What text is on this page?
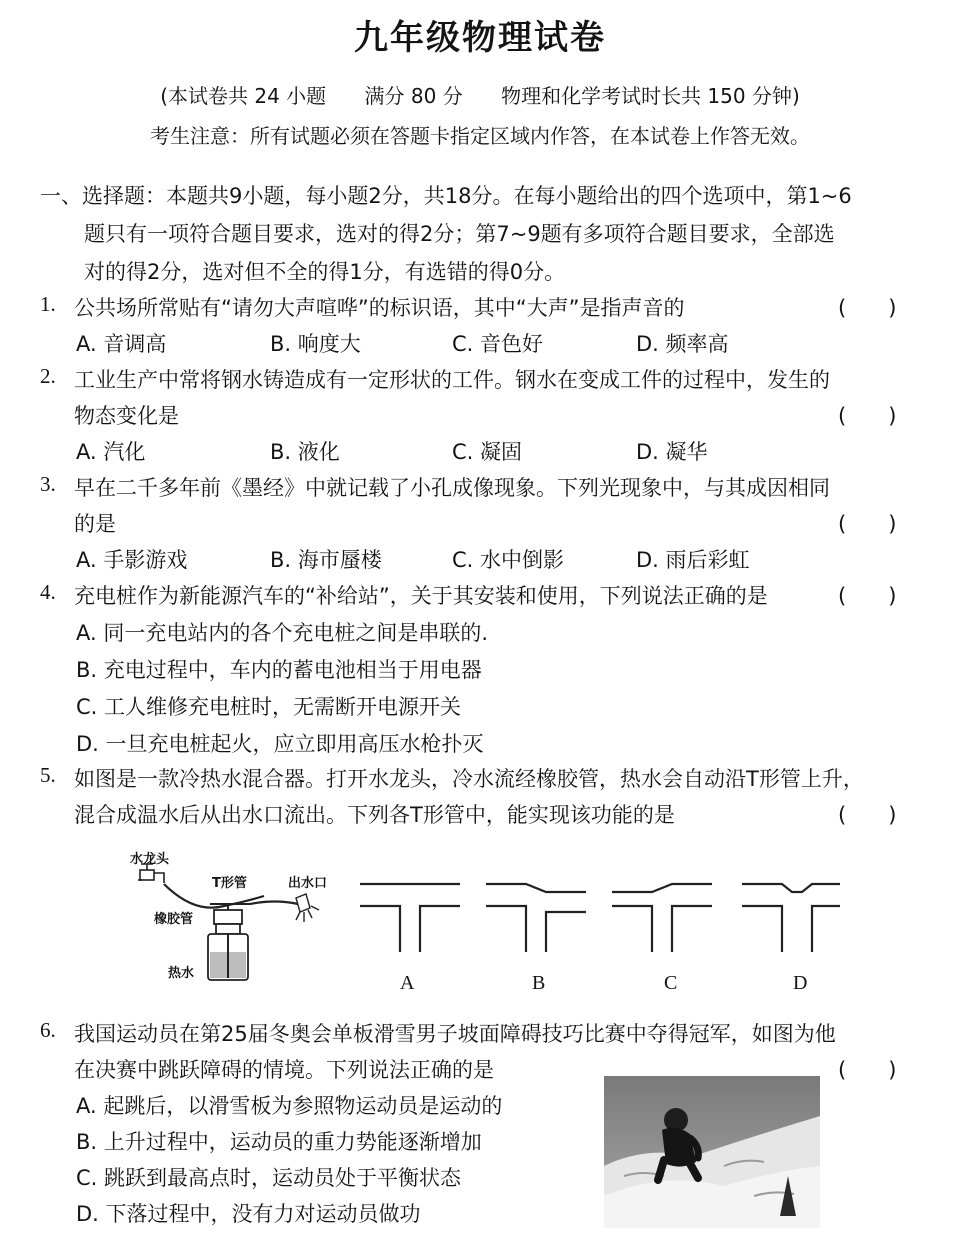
九年级物理试卷
(本试卷共 24 小题 满分 80 分 物理和化学考试时长共 150 分钟)
考生注意：所有试题必须在答题卡指定区域内作答，在本试卷上作答无效。
一、选择题：本题共9小题，每小题2分，共18分。在每小题给出的四个选项中，第1~6
题只有一项符合题目要求，选对的得2分；第7~9题有多项符合题目要求，全部选
对的得2分，选对但不全的得1分，有选错的得0分。
1. 公共场所常贴有“请勿大声喧哗”的标识语，其中“大声”是指声音的	(　　)
A. 音调高	B. 响度大	C. 音色好	D. 频率高
2. 工业生产中常将钢水铸造成有一定形状的工件。钢水在变成工件的过程中，发生的
物态变化是	(　　)
A. 汽化	B. 液化	C. 凝固	D. 凝华
3. 早在二千多年前《墨经》中就记载了小孔成像现象。下列光现象中，与其成因相同
的是	(　　)
A. 手影游戏	B. 海市蜃楼	C. 水中倒影	D. 雨后彩虹
4. 充电桩作为新能源汽车的“补给站”，关于其安装和使用，下列说法正确的是	(　　)
A. 同一充电站内的各个充电桩之间是串联的.
B. 充电过程中，车内的蓄电池相当于用电器
C. 工人维修充电桩时，无需断开电源开关
D. 一旦充电桩起火，应立即用高压水枪扑灭
5. 如图是一款冷热水混合器。打开水龙头，冷水流经橡胶管，热水会自动沿T形管上升，
混合成温水后从出水口流出。下列各T形管中，能实现该功能的是	(　　)
水龙头
T形管	出水口
橡胶管
热水	A	B	C	D
6. 我国运动员在第25届冬奥会单板滑雪男子坡面障碍技巧比赛中夺得冠军，如图为他
在决赛中跳跃障碍的情境。下列说法正确的是	(　　)
A. 起跳后，以滑雪板为参照物运动员是运动的
B. 上升过程中，运动员的重力势能逐渐增加
C. 跳跃到最高点时，运动员处于平衡状态
D. 下落过程中，没有力对运动员做功
